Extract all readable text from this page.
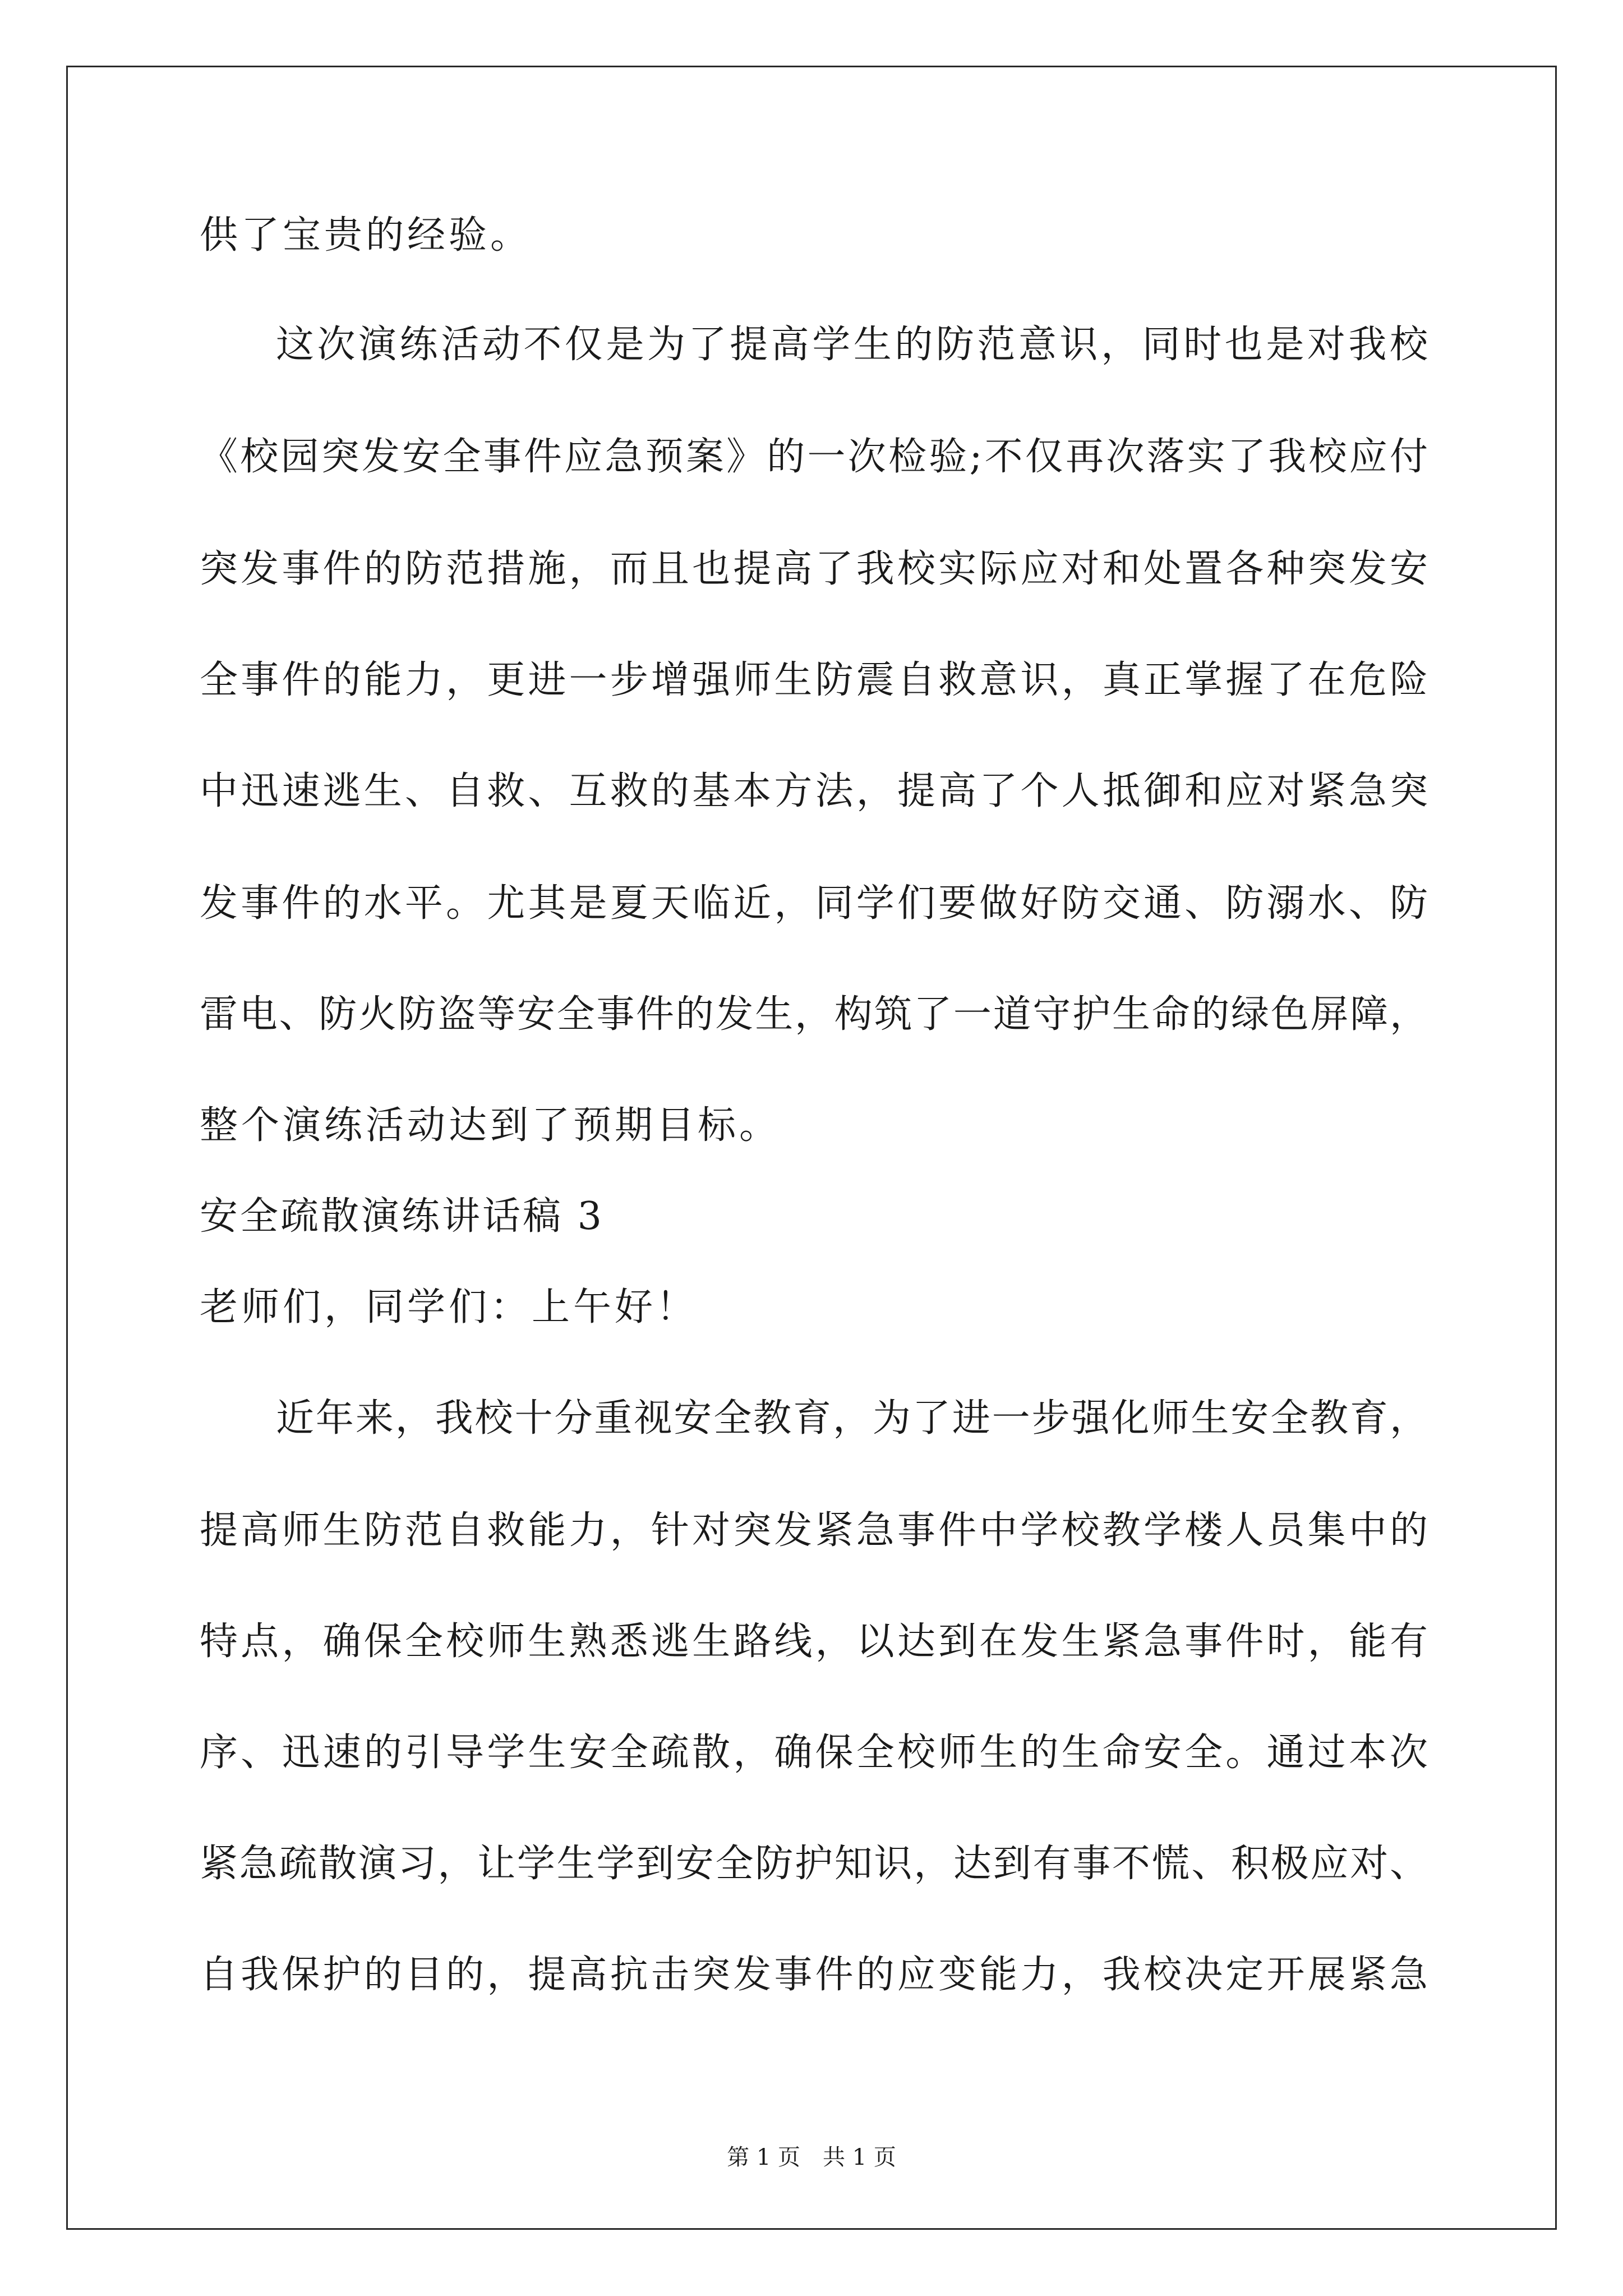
供了宝贵的经验。
这次演练活动不仅是为了提高学生的防范意识，同时也是对我校
《校园突发安全事件应急预案》的一次检验;不仅再次落实了我校应付
突发事件的防范措施，而且也提高了我校实际应对和处置各种突发安
全事件的能力，更进一步增强师生防震自救意识，真正掌握了在危险
中迅速逃生、自救、互救的基本方法，提高了个人抵御和应对紧急突
发事件的水平。尤其是夏天临近，同学们要做好防交通、防溺水、防
雷电、防火防盗等安全事件的发生，构筑了一道守护生命的绿色屏障，
整个演练活动达到了预期目标。
安全疏散演练讲话稿 3
老师们，同学们：上午好！
近年来，我校十分重视安全教育，为了进一步强化师生安全教育，
提高师生防范自救能力，针对突发紧急事件中学校教学楼人员集中的
特点，确保全校师生熟悉逃生路线，以达到在发生紧急事件时，能有
序、迅速的引导学生安全疏散，确保全校师生的生命安全。通过本次
紧急疏散演习，让学生学到安全防护知识，达到有事不慌、积极应对、
自我保护的目的，提高抗击突发事件的应变能力，我校决定开展紧急
第 1 页 共 1 页
